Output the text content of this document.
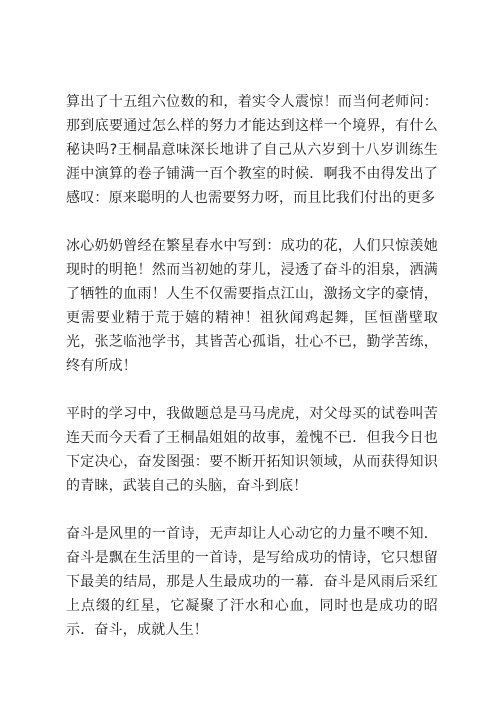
算出了十五组六位数的和，着实令人震惊！而当何老师问：那到底要通过怎么样的努力才能达到这样一个境界，有什么秘诀吗?王桐晶意味深长地讲了自己从六岁到十八岁训练生涯中演算的卷子铺满一百个教室的时候．啊我不由得发出了感叹：原来聪明的人也需要努力呀，而且比我们付出的更多

冰心奶奶曾经在繁星春水中写到：成功的花，人们只惊羡她现时的明艳！然而当初她的芽儿，浸透了奋斗的泪泉，洒满了牺牲的血雨！人生不仅需要指点江山，激扬文字的豪情，更需要业精于荒于嬉的精神！祖狄闻鸡起舞，匡恒凿壁取光，张芝临池学书，其皆苦心孤诣，壮心不已，勤学苦练，终有所成！

平时的学习中，我做题总是马马虎虎，对父母买的试卷叫苦连天而今天看了王桐晶姐姐的故事，羞愧不已．但我今日也下定决心，奋发图强：要不断开拓知识领域，从而获得知识的青睐，武装自己的头脑，奋斗到底！

奋斗是风里的一首诗，无声却让人心动它的力量不噢不知．奋斗是飘在生活里的一首诗，是写给成功的情诗，它只想留下最美的结局，那是人生最成功的一幕．奋斗是风雨后采红上点缀的红星，它凝聚了汗水和心血，同时也是成功的昭示．奋斗，成就人生！
